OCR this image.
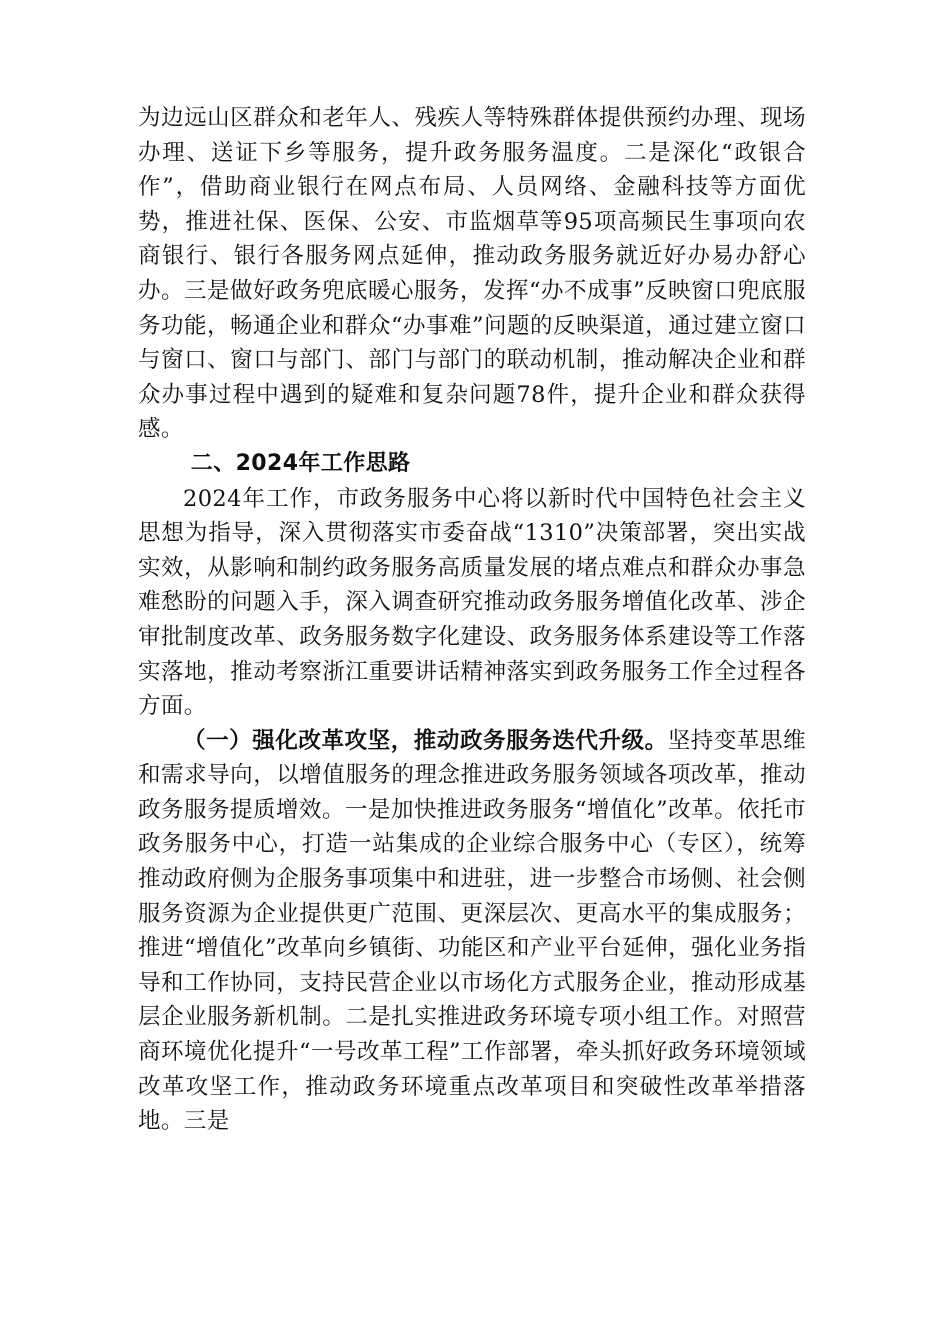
为边远山区群众和老年人、残疾人等特殊群体提供预约办理、现场办理、送证下乡等服务，提升政务服务温度。二是深化“政银合作”，借助商业银行在网点布局、人员网络、金融科技等方面优势，推进社保、医保、公安、市监烟草等95项高频民生事项向农商银行、银行各服务网点延伸，推动政务服务就近好办易办舒心办。三是做好政务兜底暖心服务，发挥“办不成事”反映窗口兜底服务功能，畅通企业和群众“办事难”问题的反映渠道，通过建立窗口与窗口、窗口与部门、部门与部门的联动机制，推动解决企业和群众办事过程中遇到的疑难和复杂问题78件，提升企业和群众获得感。

二、2024年工作思路

2024年工作，市政务服务中心将以新时代中国特色社会主义思想为指导，深入贯彻落实市委奋战“1310”决策部署，突出实战实效，从影响和制约政务服务高质量发展的堵点难点和群众办事急难愁盼的问题入手，深入调查研究推动政务服务增值化改革、涉企审批制度改革、政务服务数字化建设、政务服务体系建设等工作落实落地，推动考察浙江重要讲话精神落实到政务服务工作全过程各方面。

（一）强化改革攻坚，推动政务服务迭代升级。坚持变革思维和需求导向，以增值服务的理念推进政务服务领域各项改革，推动政务服务提质增效。一是加快推进政务服务“增值化”改革。依托市政务服务中心，打造一站集成的企业综合服务中心（专区），统筹推动政府侧为企服务事项集中和进驻，进一步整合市场侧、社会侧服务资源为企业提供更广范围、更深层次、更高水平的集成服务；推进“增值化”改革向乡镇街、功能区和产业平台延伸，强化业务指导和工作协同，支持民营企业以市场化方式服务企业，推动形成基层企业服务新机制。二是扎实推进政务环境专项小组工作。对照营商环境优化提升“一号改革工程”工作部署，牵头抓好政务环境领域改革攻坚工作，推动政务环境重点改革项目和突破性改革举措落地。三是
